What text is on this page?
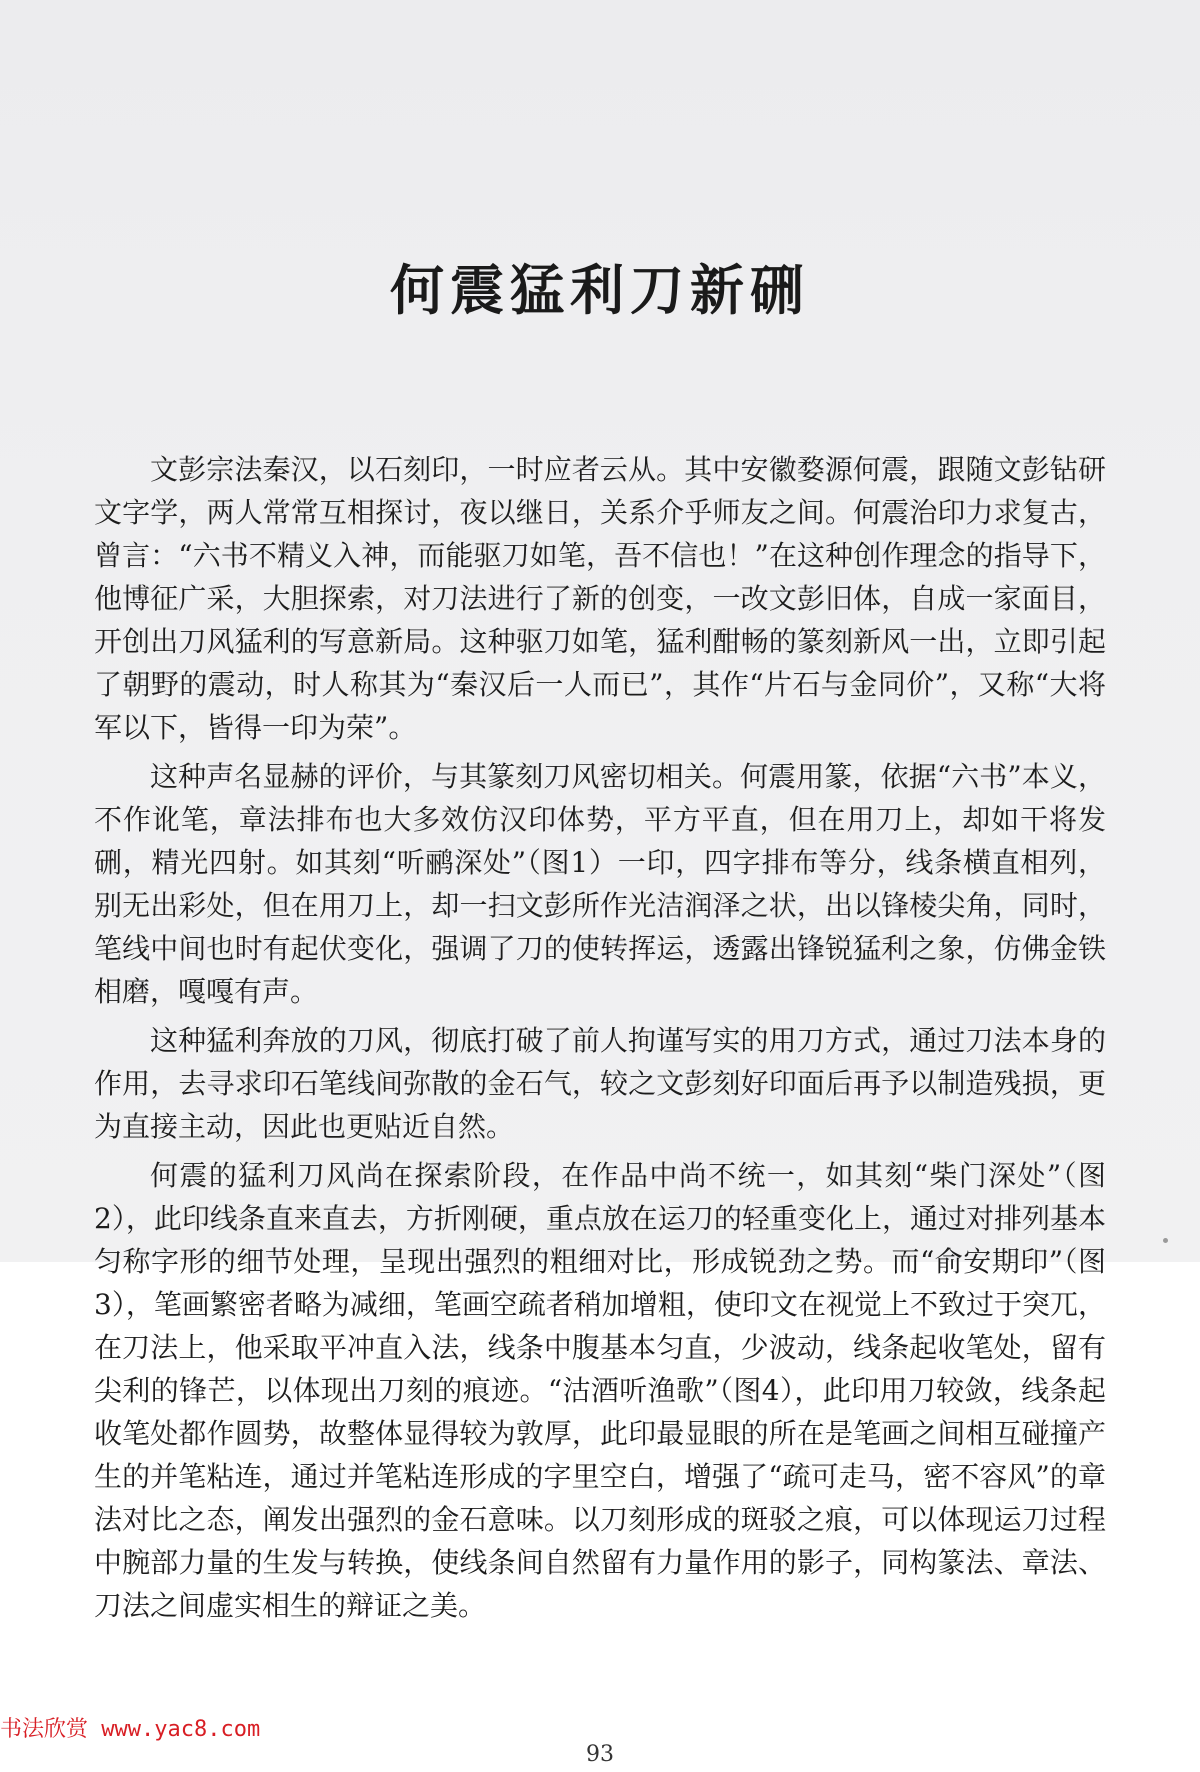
何震猛利刀新硎

文彭宗法秦汉，以石刻印，一时应者云从。其中安徽婺源何震，跟随文彭钻研文字学，两人常常互相探讨，夜以继日，关系介乎师友之间。何震治印力求复古，曾言：“六书不精义入神，而能驱刀如笔，吾不信也！”在这种创作理念的指导下，他博征广采，大胆探索，对刀法进行了新的创变，一改文彭旧体，自成一家面目，开创出刀风猛利的写意新局。这种驱刀如笔，猛利酣畅的篆刻新风一出，立即引起了朝野的震动，时人称其为“秦汉后一人而已”，其作“片石与金同价”，又称“大将军以下，皆得一印为荣”。

这种声名显赫的评价，与其篆刻刀风密切相关。何震用篆，依据“六书”本义，不作讹笔，章法排布也大多效仿汉印体势，平方平直，但在用刀上，却如干将发硎，精光四射。如其刻“听鹂深处”（图1）一印，四字排布等分，线条横直相列，别无出彩处，但在用刀上，却一扫文彭所作光洁润泽之状，出以锋棱尖角，同时，笔线中间也时有起伏变化，强调了刀的使转挥运，透露出锋锐猛利之象，仿佛金铁相磨，嘎嘎有声。

这种猛利奔放的刀风，彻底打破了前人拘谨写实的用刀方式，通过刀法本身的作用，去寻求印石笔线间弥散的金石气，较之文彭刻好印面后再予以制造残损，更为直接主动，因此也更贴近自然。

何震的猛利刀风尚在探索阶段，在作品中尚不统一，如其刻“柴门深处”（图2），此印线条直来直去，方折刚硬，重点放在运刀的轻重变化上，通过对排列基本匀称字形的细节处理，呈现出强烈的粗细对比，形成锐劲之势。而“俞安期印”（图3），笔画繁密者略为减细，笔画空疏者稍加增粗，使印文在视觉上不致过于突兀，在刀法上，他采取平冲直入法，线条中腹基本匀直，少波动，线条起收笔处，留有尖利的锋芒，以体现出刀刻的痕迹。“沽酒听渔歌”（图4），此印用刀较敛，线条起收笔处都作圆势，故整体显得较为敦厚，此印最显眼的所在是笔画之间相互碰撞产生的并笔粘连，通过并笔粘连形成的字里空白，增强了“疏可走马，密不容风”的章法对比之态，阐发出强烈的金石意味。以刀刻形成的斑驳之痕，可以体现运刀过程中腕部力量的生发与转换，使线条间自然留有力量作用的影子，同构篆法、章法、刀法之间虚实相生的辩证之美。

书法欣赏 www.yac8.com
93
